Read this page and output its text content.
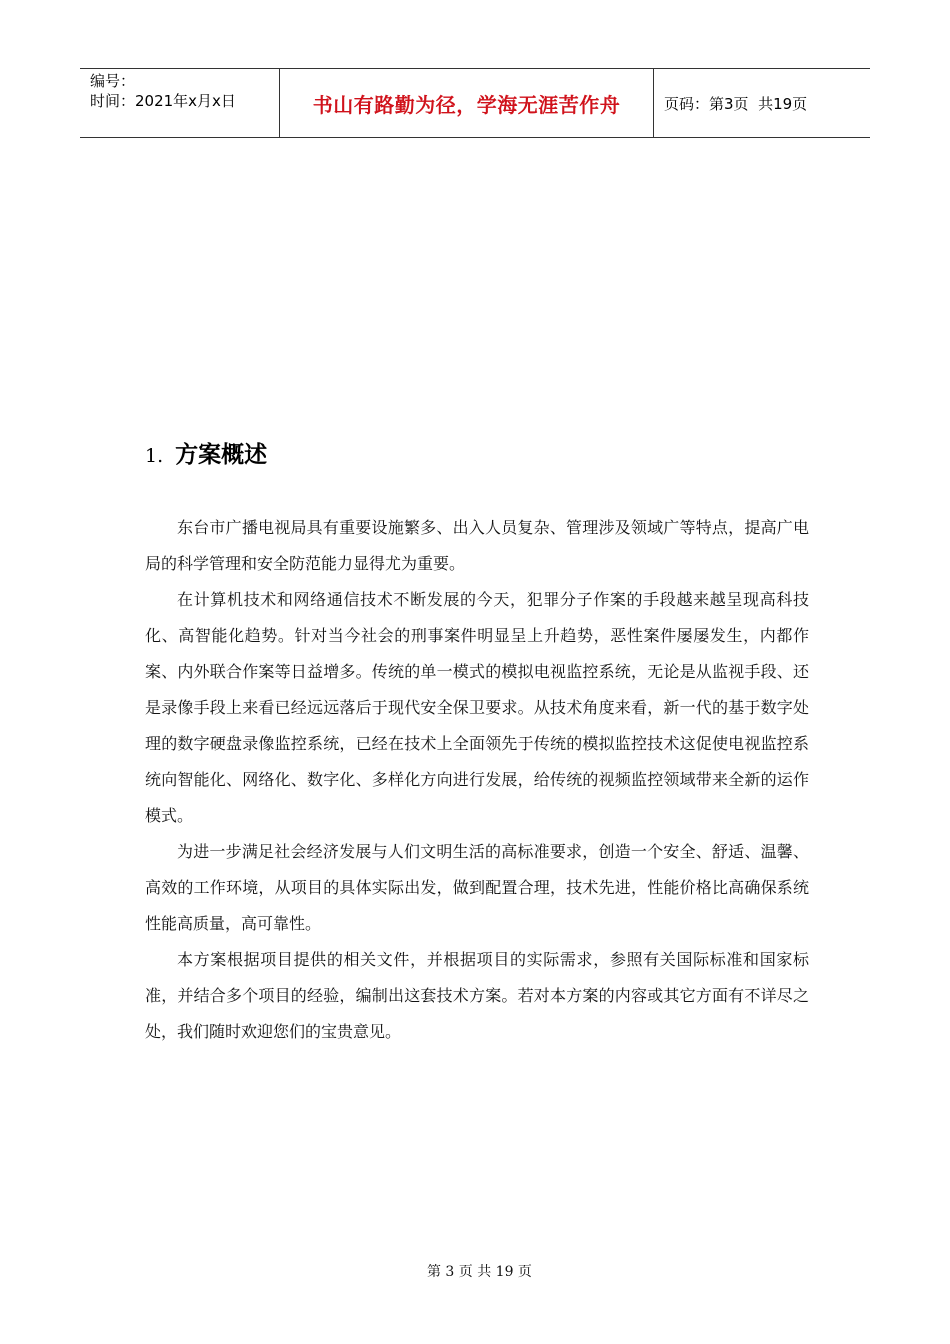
编号：
时间：2021年x月x日	书山有路勤为径，学海无涯苦作舟	页码：第3页  共19页
1. 方案概述

东台市广播电视局具有重要设施繁多、出入人员复杂、管理涉及领域广等特点，提高广电局的科学管理和安全防范能力显得尤为重要。

在计算机技术和网络通信技术不断发展的今天，犯罪分子作案的手段越来越呈现高科技化、高智能化趋势。针对当今社会的刑事案件明显呈上升趋势，恶性案件屡屡发生，内都作案、内外联合作案等日益增多。传统的单一模式的模拟电视监控系统，无论是从监视手段、还是录像手段上来看已经远远落后于现代安全保卫要求。从技术角度来看，新一代的基于数字处理的数字硬盘录像监控系统，已经在技术上全面领先于传统的模拟监控技术这促使电视监控系统向智能化、网络化、数字化、多样化方向进行发展，给传统的视频监控领域带来全新的运作模式。

为进一步满足社会经济发展与人们文明生活的高标准要求，创造一个安全、舒适、温馨、高效的工作环境，从项目的具体实际出发，做到配置合理，技术先进，性能价格比高确保系统性能高质量，高可靠性。

本方案根据项目提供的相关文件，并根据项目的实际需求，参照有关国际标准和国家标准，并结合多个项目的经验，编制出这套技术方案。若对本方案的内容或其它方面有不详尽之处，我们随时欢迎您们的宝贵意见。

第 3 页 共 19 页
